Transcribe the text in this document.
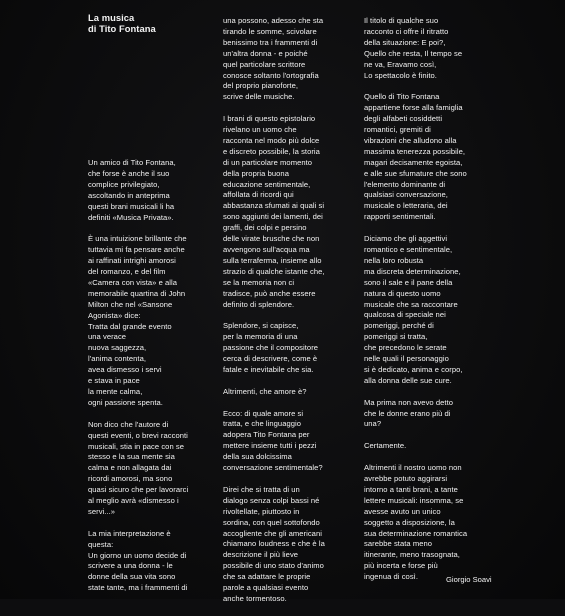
La musica
di Tito Fontana

Un amico di Tito Fontana,
che forse è anche il suo
complice privilegiato,
ascoltando in anteprima
questi brani musicali li ha
definiti «Musica Privata».

È una intuizione brillante che
tuttavia mi fa pensare anche
ai raffinati intrighi amorosi
del romanzo, e del film
«Camera con vista» e alla
memorabile quartina di John
Milton che nel «Sansone
Agonista» dice:
Tratta dal grande evento
una verace
nuova saggezza,
l'anima contenta,
avea dismesso i servi
e stava in pace
la mente calma,
ogni passione spenta.

Non dico che l'autore di
questi eventi, o brevi racconti
musicali, stia in pace con se
stesso e la sua mente sia
calma e non allagata dai
ricordi amorosi, ma sono
quasi sicuro che per lavorarci
al meglio avrà «dismesso i
servi...»

La mia interpretazione è
questa:
Un giorno un uomo decide di
scrivere a una donna - le
donne della sua vita sono
state tante, ma i frammenti di

una possono, adesso che sta
tirando le somme, scivolare
benissimo tra i frammenti di
un'altra donna - e poiché
quel particolare scrittore
conosce soltanto l'ortografia
del proprio pianoforte,
scrive delle musiche.

I brani di questo epistolario
rivelano un uomo che
racconta nel modo più dolce
e discreto possibile, la storia
di un particolare momento
della propria buona
educazione sentimentale,
affollata di ricordi qui
abbastanza sfumati ai quali si
sono aggiunti dei lamenti, dei
graffi, dei colpi e persino
delle virate brusche che non
avvengono sull'acqua ma
sulla terraferma, insieme allo
strazio di qualche istante che,
se la memoria non ci
tradisce, può anche essere
definito di splendore.

Splendore, si capisce,
per la memoria di una
passione che il compositore
cerca di descrivere, come è
fatale e inevitabile che sia.

Altrimenti, che amore è?

Ecco: di quale amore si
tratta, e che linguaggio
adopera Tito Fontana per
mettere insieme tutti i pezzi
della sua dolcissima
conversazione sentimentale?

Direi che si tratta di un
dialogo senza colpi bassi né
rivoltellate, piuttosto in
sordina, con quel sottofondo
accogliente che gli americani
chiamano loudness e che è la
descrizione il più lieve
possibile di uno stato d'animo
che sa adattare le proprie
parole a qualsiasi evento
anche tormentoso.

Il titolo di qualche suo
racconto ci offre il ritratto
della situazione: E poi?,
Quello che resta, Il tempo se
ne va, Eravamo così,
Lo spettacolo è finito.

Quello di Tito Fontana
appartiene forse alla famiglia
degli alfabeti cosiddetti
romantici, gremiti di
vibrazioni che alludono alla
massima tenerezza possibile,
magari decisamente egoista,
e alle sue sfumature che sono
l'elemento dominante di
qualsiasi conversazione,
musicale o letteraria, dei
rapporti sentimentali.

Diciamo che gli aggettivi
romantico e sentimentale,
nella loro robusta
ma discreta determinazione,
sono il sale e il pane della
natura di questo uomo
musicale che sa raccontare
qualcosa di speciale nei
pomeriggi, perché di
pomeriggi si tratta,
che precedono le serate
nelle quali il personaggio
si è dedicato, anima e corpo,
alla donna delle sue cure.

Ma prima non avevo detto
che le donne erano più di
una?

Certamente.

Altrimenti il nostro uomo non
avrebbe potuto aggirarsi
intorno a tanti brani, a tante
lettere musicali: insomma, se
avesse avuto un unico
soggetto a disposizione, la
sua determinazione romantica
sarebbe stata meno
itinerante, meno trasognata,
più incerta e forse più
ingenua di così.	Giorgio Soavi
